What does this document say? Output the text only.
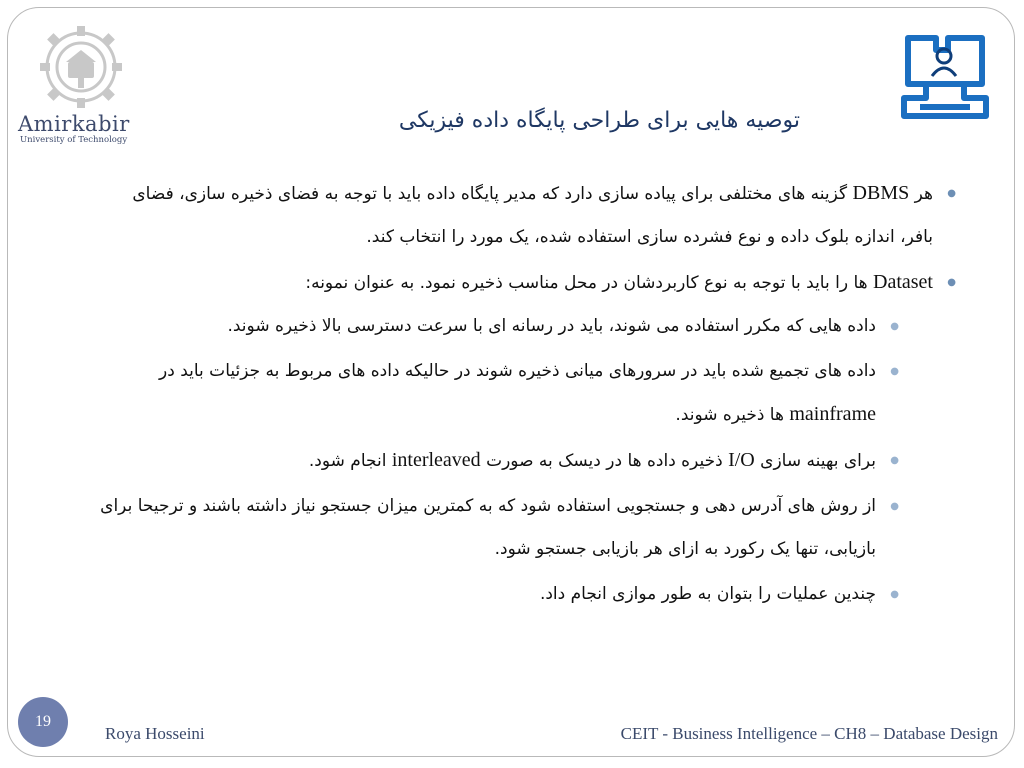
Amirkabir
University of Technology
توصیه هایی برای طراحی پایگاه داده فیزیکی
●
هر DBMS گزینه های مختلفی برای پیاده سازی دارد که مدیر پایگاه داده باید با توجه به فضای ذخیره سازی، فضای بافر، اندازه بلوک داده و نوع فشرده سازی استفاده شده، یک مورد را انتخاب کند.
●
Dataset ها را باید با توجه به نوع کاربردشان در محل مناسب ذخیره نمود. به عنوان نمونه:
●
داده هایی که مکرر استفاده می شوند، باید در رسانه ای با سرعت دسترسی بالا ذخیره شوند.
●
داده های تجمیع شده باید در سرورهای میانی ذخیره شوند در حالیکه داده های مربوط به جزئیات باید در mainframe ها ذخیره شوند.
●
برای بهینه سازی I/O ذخیره داده ها در دیسک به صورت interleaved انجام شود.
●
از روش های آدرس دهی و جستجویی استفاده شود که به کمترین میزان جستجو نیاز داشته باشند و ترجیحا برای بازیابی، تنها یک رکورد به ازای هر بازیابی جستجو شود.
●
چندین عملیات را بتوان به طور موازی انجام داد.
19
Roya Hosseini	CEIT - Business Intelligence – CH8 – Database Design
